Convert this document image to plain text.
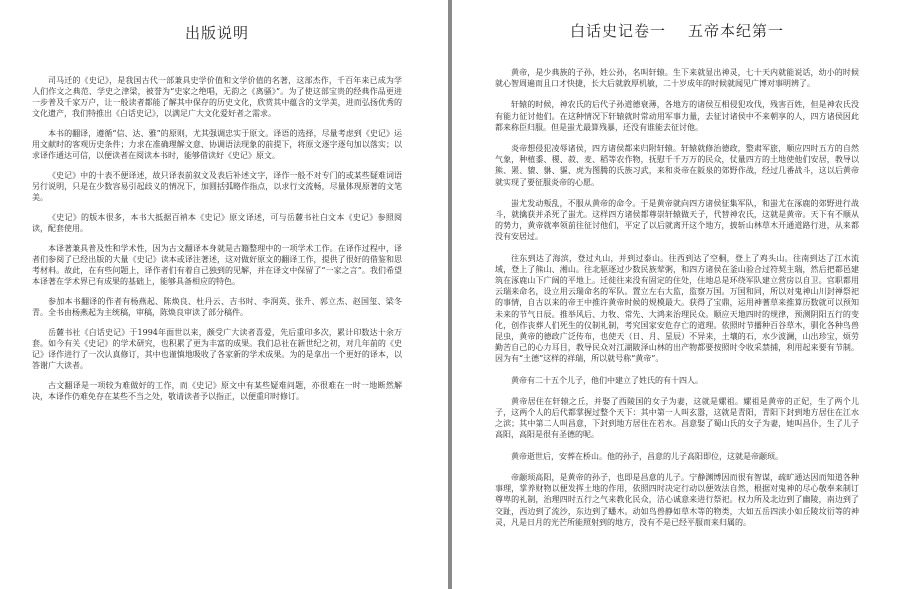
出版说明

司马迁的《史记》，是我国古代一部兼具史学价值和文学价值的名著，这部杰作，千百年来已成为学人们作文之典范、学史之津梁，被誉为“史家之绝唱，无韵之《离骚》”。为了使这部宝贵的经典作品更进一步普及千家万户，让一般读者都能了解其中保存的历史文化，欣赏其中蕴含的文学美，进而弘扬优秀的文化遗产，我们特推出《白话史记》，以满足广大文化爱好者之需求。

本书的翻译，遵循“信、达、雅”的原则，尤其强调忠实于原文。译语的选择，尽量考虑到《史记》运用文献时的客观历史条件；力求在准确理解文意、协调语法现象的前提下，将原文逐字逐句加以落实；以求译作通达可信，以便读者在阅读本书时，能够借读好《史记》原文。

《史记》中的十表不便译述，故只译表前叙文及表后补述文字，译作一般不对专门的或某些疑难词语另行说明，只是在少数容易引起歧义的情况下，加圆括弧略作指点，以求行文流畅，尽量体现原著的文笔美。

《史记》的版本很多，本书大抵据百衲本《史记》原文译述，可与岳麓书社白文本《史记》参照阅读，配套使用。

本译著兼具普及性和学术性，因为古文翻译本身就是古籍整理中的一项学术工作。在译作过程中，译者们参阅了已经出版的大量《史记》读本或译注著述，这对做好原文的翻译工作，提供了很好的借鉴和思考材料。故此，在有些问题上，译作者们有着自己独到的见解，并在译文中保留了“一家之言”。我们希望本译著在学术界已有成果的基础上，能够具备相应的特色。

参加本书翻译的作者有杨燕起、陈焕良、杜丹云、吉书时、李润英、张升、郭立杰、赵国玺、梁冬青。全书由杨燕起为主统稿，审稿，陈焕良审读了部分稿件。

岳麓书社《白话史记》于1994年面世以来，颇受广大读者喜爱，先后重印多次，累计印数达十余万套。如今有关《史记》的学术研究，也积累了更为丰富的成果。我们总社在新世纪之初，对几年前的《史记》译作进行了一次认真修订，其中也谨慎地吸收了各家新的学术成果。为的是拿出一个更好的译本，以答谢广大读者。

古文翻译是一项较为难做好的工作，而《史记》原文中有某些疑难问题，亦很难在一时一地断然解决，本译作仍难免存在某些不当之处，敬请读者予以指正，以便重印时修订。

白话史记卷一 五帝本纪第一

黄帝，是少典族的子孙，姓公孙，名叫轩辕。生下来就显出神灵，七十天内就能说话，幼小的时候就心智周遍而且口才快捷，长大后就敦厚机敏，二十岁成年的时候就闻见广博对事明辨了。

轩辕的时候，神农氏的后代子孙道德衰薄，各地方的诸侯互相侵犯攻伐，残害百姓，但是神农氏没有能力征讨他们。在这种情况下轩辕就时常动用军事力量，去征讨诸侯中不来朝享的人，四方诸侯因此都来称臣归服。但是蚩尤最算残暴，还没有谁能去征讨他。

炎帝想侵犯凌辱诸侯，四方诸侯都来归附轩辕。轩辕就修治德政，整肃军旅，顺应四时五方的自然气象，种植黍、稷、菽、麦、稻等农作物，抚慰千千万万的民众，仗量四方的土地使他们安居，教导以熊、罴、貔、貅、貙、虎为图腾的氏族习武，来和炎帝在阪泉的郊野作战，经过几番战斗，这以后黄帝就实现了要征服炎帝的心愿。

蚩尤发动叛乱，不服从黄帝的命令。于是黄帝就向四方诸侯征集军队，和蚩尤在涿鹿的郊野进行战斗，就擒获并杀死了蚩尤。这样四方诸侯都尊崇轩辕做天子，代替神农氏，这就是黄帝。天下有不顺从的势力，黄帝就率领前往征讨他们，平定了以后就离开这个地方，披斩山林草木开通道路行进，从来都没有安居过。

往东到达了海滨，登过丸山，并到过泰山。往西到达了空桐，登上了鸡头山。往南到达了江水流域，登上了熊山、湘山。往北驱逐过少数民族荤粥，和四方诸侯在釜山验合过符契主瑞，然后把都邑建筑在涿鹿山下广阔的平地上。迁徙往来没有固定的住处，住地总是环绕军队建立营房以自卫。官职都用云瑞来命名，设立用云瑞命名的军队。置立左右大监，监察万国。万国和同，所以对鬼神山川封禅祭祀的事情，自古以来的帝王中推许黄帝时候的规模最大。获得了宝鼎，运用神蓍草来推算历数就可以预知未来的节气日辰。推举风后、力牧、常先、大鸿来治理民众。顺应天地四时的规律，预测阴阳五行的变化，创作丧葬人们死生的仪制礼制，考究国家安危存亡的道理。依照时节播种百谷草木，驯化各种鸟兽昆虫，黄帝的德政广泛传布，也使天（日、月、星辰）不异来，土壤的石，水少波澜，山出珍宝，烦劳勤苦自己的心力耳目，教导民众对江湖陂泽山林的出产物都要按照时令收采禁捕，利用起来要有节制。因为有“土德”这样的祥瑞，所以就号称“黄帝”。

黄帝有二十五个儿子，他们中建立了姓氏的有十四人。

黄帝居住在轩辕之丘，并娶了西陵国的女子为妻，这就是嫘祖。嫘祖是黄帝的正妃，生了两个儿子，这两个人的后代都掌握过整个天下：其中第一人叫玄嚣，这就是青阳，青阳下封到地方居住在江水之滨；其中第二人叫昌意，下封到地方居住在若水。昌意娶了蜀山氏的女子为妻，她叫昌仆，生了儿子高阳，高阳是很有圣德的呢。

黄帝逝世后，安葬在桥山。他的孙子，昌意的儿子高阳即位，这就是帝颛顼。

帝颛顼高阳，是黄帝的孙子，也即是昌意的儿子。宁静渊博因而很有智谋，疏旷通达因而知道各种事理，掌养财物以便发挥土地的作用，依照四时决定行动以便效法自然，根据对鬼神的尽心敬奉来制订尊卑的礼制，治理四时五行之气来教化民众，洁心诚意来进行祭祀。权力所及北边到了幽陵，南边到了交趾，西边到了流沙，东边到了蟠木。动如鸟兽静如草木等的物类，大如五岳四渎小如丘陵坟衍等的神灵，凡是日月的光芒所能照射到的地方，没有不是已经平服而来归属的。
